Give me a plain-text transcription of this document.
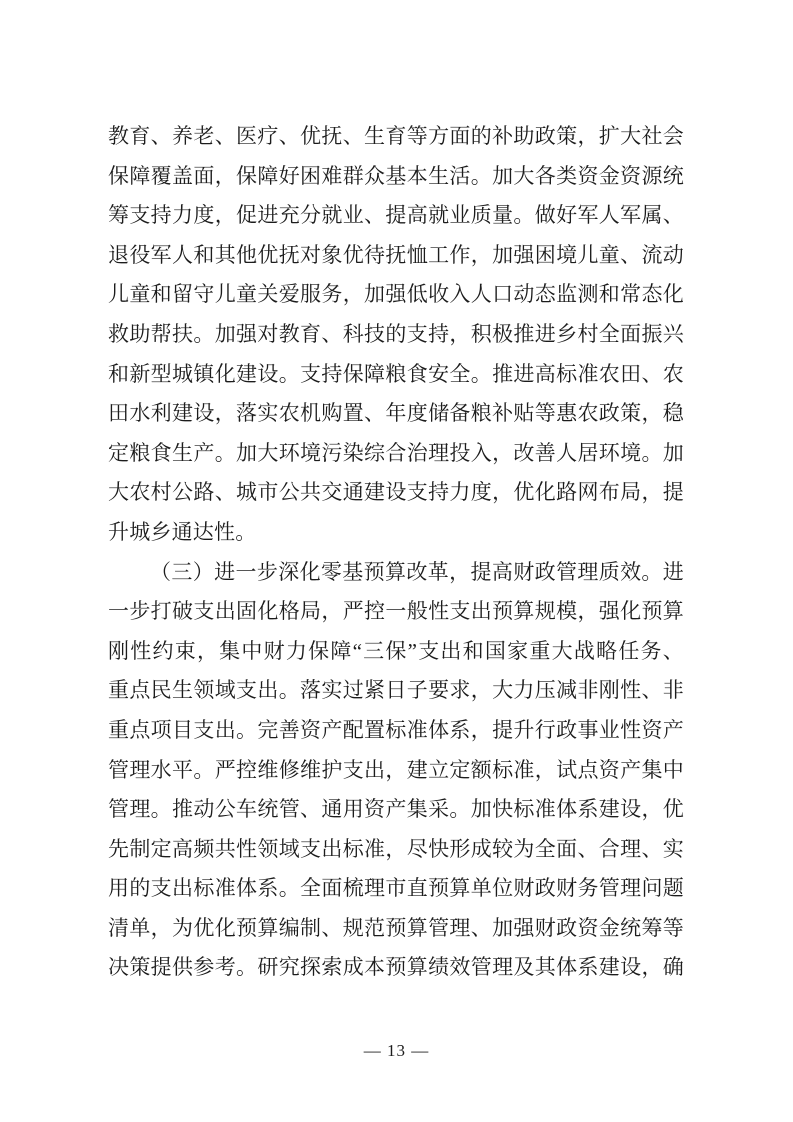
教育、养老、医疗、优抚、生育等方面的补助政策，扩大社会
保障覆盖面，保障好困难群众基本生活。加大各类资金资源统
筹支持力度，促进充分就业、提高就业质量。做好军人军属、
退役军人和其他优抚对象优待抚恤工作，加强困境儿童、流动
儿童和留守儿童关爱服务，加强低收入人口动态监测和常态化
救助帮扶。加强对教育、科技的支持，积极推进乡村全面振兴
和新型城镇化建设。支持保障粮食安全。推进高标准农田、农
田水利建设，落实农机购置、年度储备粮补贴等惠农政策，稳
定粮食生产。加大环境污染综合治理投入，改善人居环境。加
大农村公路、城市公共交通建设支持力度，优化路网布局，提
升城乡通达性。
（三）进一步深化零基预算改革，提高财政管理质效。进
一步打破支出固化格局，严控一般性支出预算规模，强化预算
刚性约束，集中财力保障“三保”支出和国家重大战略任务、
重点民生领域支出。落实过紧日子要求，大力压减非刚性、非
重点项目支出。完善资产配置标准体系，提升行政事业性资产
管理水平。严控维修维护支出，建立定额标准，试点资产集中
管理。推动公车统管、通用资产集采。加快标准体系建设，优
先制定高频共性领域支出标准，尽快形成较为全面、合理、实
用的支出标准体系。全面梳理市直预算单位财政财务管理问题
清单，为优化预算编制、规范预算管理、加强财政资金统筹等
决策提供参考。研究探索成本预算绩效管理及其体系建设，确
— 13 —
